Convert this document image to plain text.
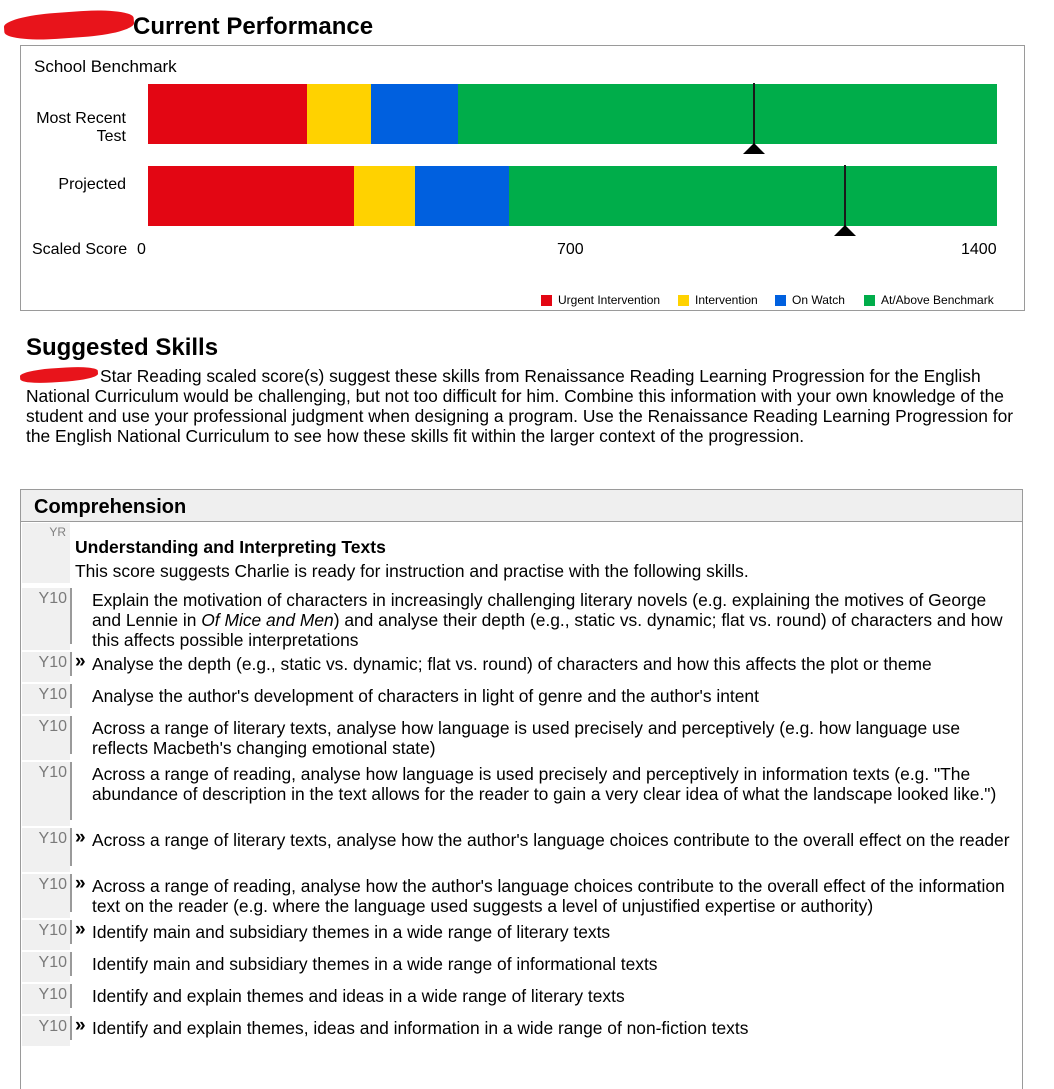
Current Performance
School Benchmark
Most Recent
Test
Projected
Scaled Score 0	700	1400
Urgent Intervention	Intervention	On Watch	At/Above Benchmark
Suggested Skills
Star Reading scaled score(s) suggest these skills from Renaissance Reading Learning Progression for the English National Curriculum would be challenging, but not too difficult for him. Combine this information with your own knowledge of the student and use your professional judgment when designing a program. Use the Renaissance Reading Learning Progression for the English National Curriculum to see how these skills fit within the larger context of the progression.
Comprehension
YR
Understanding and Interpreting Texts
This score suggests Charlie is ready for instruction and practise with the following skills.
Y10 Explain the motivation of characters in increasingly challenging literary novels (e.g. explaining the motives of George and Lennie in Of Mice and Men) and analyse their depth (e.g., static vs. dynamic; flat vs. round) of characters and how this affects possible interpretations
Y10 » Analyse the depth (e.g., static vs. dynamic; flat vs. round) of characters and how this affects the plot or theme
Y10 Analyse the author's development of characters in light of genre and the author's intent
Y10 Across a range of literary texts, analyse how language is used precisely and perceptively (e.g. how language use reflects Macbeth's changing emotional state)
Y10 Across a range of reading, analyse how language is used precisely and perceptively in information texts (e.g. "The abundance of description in the text allows for the reader to gain a very clear idea of what the landscape looked like.")
Y10 » Across a range of literary texts, analyse how the author's language choices contribute to the overall effect on the reader
Y10 » Across a range of reading, analyse how the author's language choices contribute to the overall effect of the information text on the reader (e.g. where the language used suggests a level of unjustified expertise or authority)
Y10 » Identify main and subsidiary themes in a wide range of literary texts
Y10 Identify main and subsidiary themes in a wide range of informational texts
Y10 Identify and explain themes and ideas in a wide range of literary texts
Y10 » Identify and explain themes, ideas and information in a wide range of non-fiction texts
